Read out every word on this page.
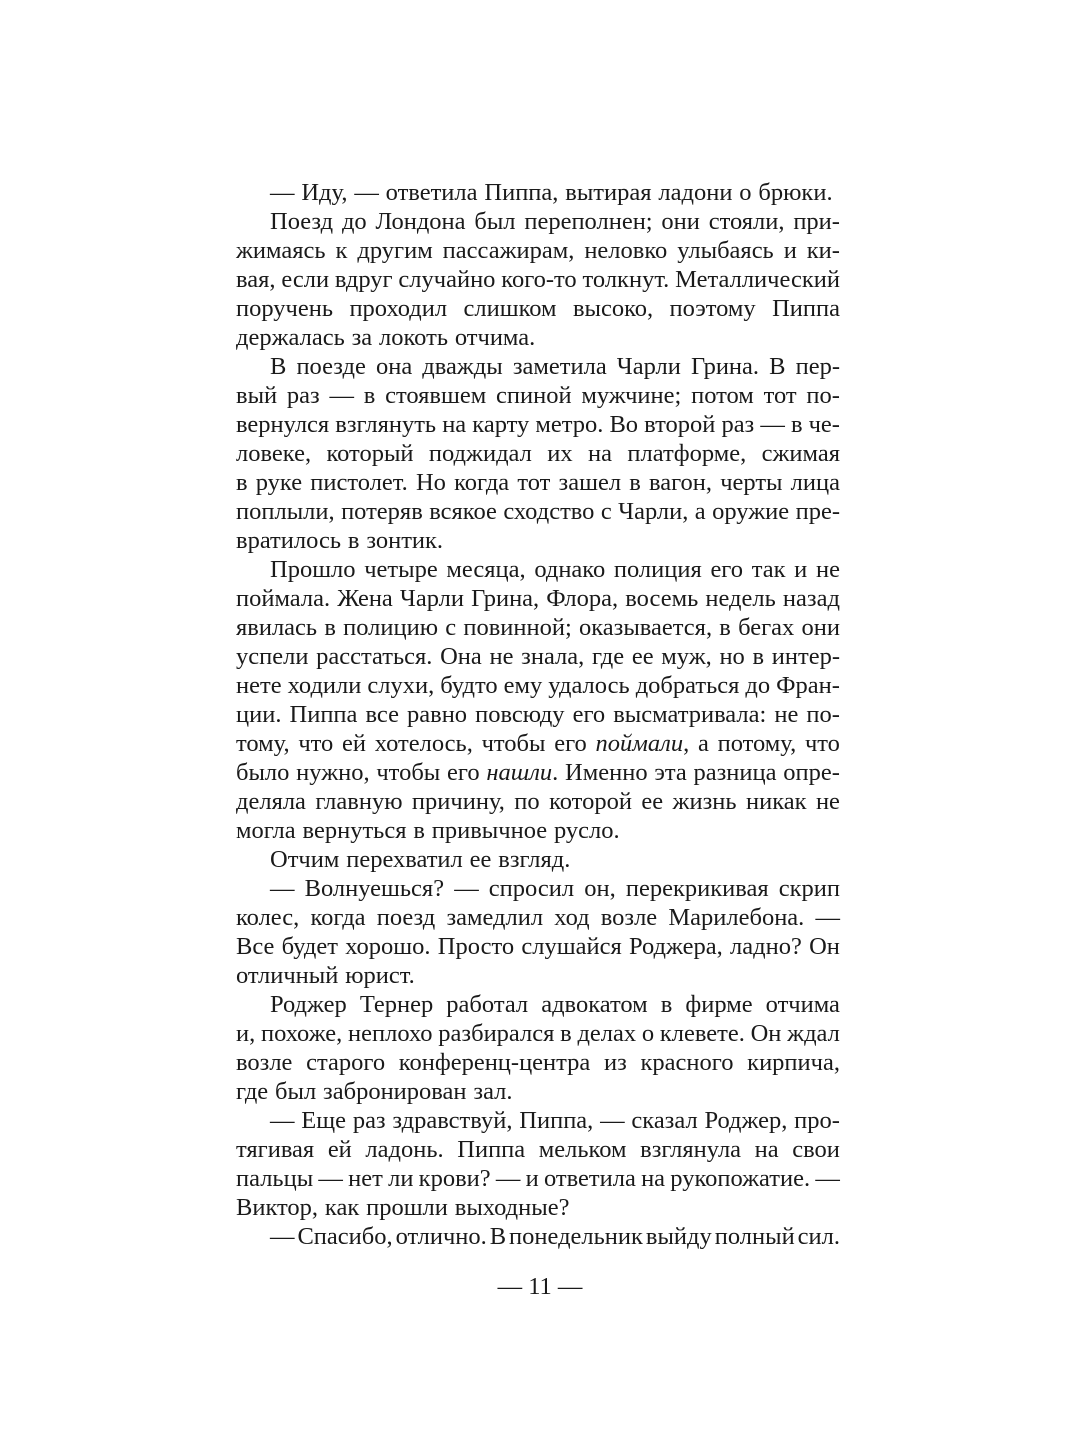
— Иду, — ответила Пиппа, вытирая ладони о брюки.
Поезд до Лондона был переполнен; они стояли, при-
жимаясь к другим пассажирам, неловко улыбаясь и ки-
вая, если вдруг случайно кого-то толкнут. Металлический
поручень проходил слишком высоко, поэтому Пиппа
держалась за локоть отчима.
В поезде она дважды заметила Чарли Грина. В пер-
вый раз — в стоявшем спиной мужчине; потом тот по-
вернулся взглянуть на карту метро. Во второй раз — в че-
ловеке, который поджидал их на платформе, сжимая
в руке пистолет. Но когда тот зашел в вагон, черты лица
поплыли, потеряв всякое сходство с Чарли, а оружие пре-
вратилось в зонтик.
Прошло четыре месяца, однако полиция его так и не
поймала. Жена Чарли Грина, Флора, восемь недель назад
явилась в полицию с повинной; оказывается, в бегах они
успели расстаться. Она не знала, где ее муж, но в интер-
нете ходили слухи, будто ему удалось добраться до Фран-
ции. Пиппа все равно повсюду его высматривала: не по-
тому, что ей хотелось, чтобы его поймали, а потому, что
было нужно, чтобы его нашли. Именно эта разница опре-
деляла главную причину, по которой ее жизнь никак не
могла вернуться в привычное русло.
Отчим перехватил ее взгляд.
— Волнуешься? — спросил он, перекрикивая скрип
колес, когда поезд замедлил ход возле Марилебона. —
Все будет хорошо. Просто слушайся Роджера, ладно? Он
отличный юрист.
Роджер Тернер работал адвокатом в фирме отчима
и, похоже, неплохо разбирался в делах о клевете. Он ждал
возле старого конференц-центра из красного кирпича,
где был забронирован зал.
— Еще раз здравствуй, Пиппа, — сказал Роджер, про-
тягивая ей ладонь. Пиппа мельком взглянула на свои
пальцы — нет ли крови? — и ответила на рукопожатие. —
Виктор, как прошли выходные?
— Спасибо, отлично. В понедельник выйду полный сил.
— 11 —
